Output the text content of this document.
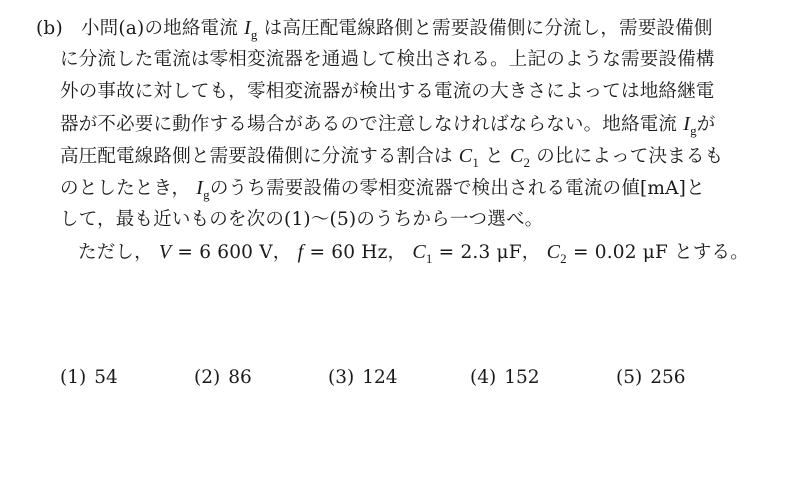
(b) 小問(a)の地絡電流 $I_g$ は高圧配電線路側と需要設備側に分流し，需要設備側
に分流した電流は零相変流器を通過して検出される。上記のような需要設備構
外の事故に対しても，零相変流器が検出する電流の大きさによっては地絡継電
器が不必要に動作する場合があるので注意しなければならない。地絡電流 $I_g$が
高圧配電線路側と需要設備側に分流する割合は $C_1$ と $C_2$ の比によって決まるも
のとしたとき， $I_g$のうち需要設備の零相変流器で検出される電流の値[mA]と
して，最も近いものを次の(1)～(5)のうちから一つ選べ。
ただし， V = 6 600 V， f = 60 Hz， $C_1 = 2.3$ μF， $C_2 = 0.02$ μF とする。
(1) 54	(2) 86	(3) 124	(4) 152	(5) 256
